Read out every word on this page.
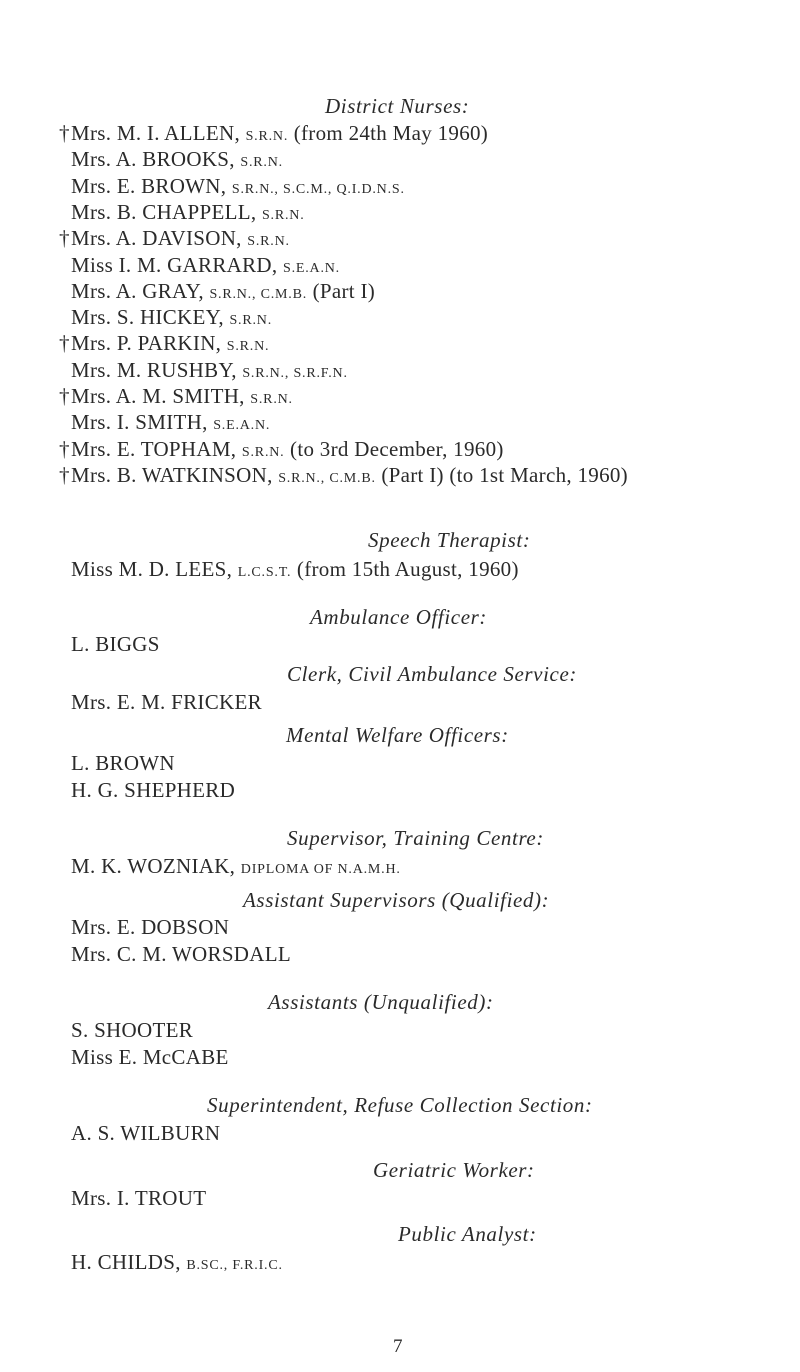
District Nurses:
†Mrs. M. I. ALLEN, S.R.N. (from 24th May 1960)
Mrs. A. BROOKS, S.R.N.
Mrs. E. BROWN, S.R.N., S.C.M., Q.I.D.N.S.
Mrs. B. CHAPPELL, S.R.N.
†Mrs. A. DAVISON, S.R.N.
Miss I. M. GARRARD, S.E.A.N.
Mrs. A. GRAY, S.R.N., C.M.B. (Part I)
Mrs. S. HICKEY, S.R.N.
†Mrs. P. PARKIN, S.R.N.
Mrs. M. RUSHBY, S.R.N., S.R.F.N.
†Mrs. A. M. SMITH, S.R.N.
Mrs. I. SMITH, S.E.A.N.
†Mrs. E. TOPHAM, S.R.N. (to 3rd December, 1960)
†Mrs. B. WATKINSON, S.R.N., C.M.B. (Part I) (to 1st March, 1960)
Speech Therapist:
Miss M. D. LEES, L.C.S.T. (from 15th August, 1960)
Ambulance Officer:
L. BIGGS
Clerk, Civil Ambulance Service:
Mrs. E. M. FRICKER
Mental Welfare Officers:
L. BROWN
H. G. SHEPHERD
Supervisor, Training Centre:
M. K. WOZNIAK, DIPLOMA OF N.A.M.H.
Assistant Supervisors (Qualified):
Mrs. E. DOBSON
Mrs. C. M. WORSDALL
Assistants (Unqualified):
S. SHOOTER
Miss E. McCABE
Superintendent, Refuse Collection Section:
A. S. WILBURN
Geriatric Worker:
Mrs. I. TROUT
Public Analyst:
H. CHILDS, B.SC., F.R.I.C.
7
